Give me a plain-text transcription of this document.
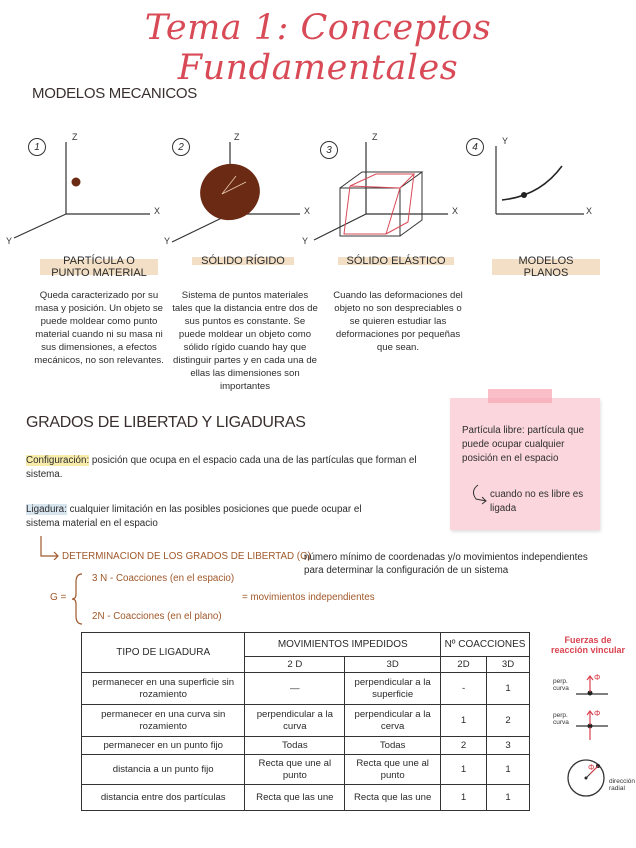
Tema 1: Conceptos Fundamentales
MODELOS MECANICOS
1	2	3	4
Z
X
Y
Z
X
Y
Z
X
Y
Y
X
PARTÍCULA O PUNTO MATERIAL
SÓLIDO RÍGIDO	SÓLIDO ELÁSTICO	MODELOS PLANOS
Queda caracterizado por su masa y posición. Un objeto se puede moldear como punto material cuando ni su masa ni sus dimensiones, a efectos mecánicos, no son relevantes.
Sistema de puntos materiales tales que la distancia entre dos de sus puntos es constante. Se puede moldear un objeto como sólido rígido cuando hay que distinguir partes y en cada una de ellas las dimensiones son importantes
Cuando las deformaciones del objeto no son despreciables o se quieren estudiar las deformaciones por pequeñas que sean.
Partícula libre: partícula que puede ocupar cualquier posición en el espacio
cuando no es libre es ligada
GRADOS DE LIBERTAD Y LIGADURAS
Configuración: posición que ocupa en el espacio cada una de las partículas que forman el sistema.
Ligadura: cualquier limitación en las posibles posiciones que puede ocupar el sistema material en el espacio
DETERMINACION DE LOS GRADOS DE LIBERTAD (G)
número mínimo de coordenadas y/o movimientos independientes para determinar la configuración de un sistema
G =
3 N - Coacciones (en el espacio)
2N - Coacciones (en el plano)
= movimientos independientes
TIPO DE LIGADURA	MOVIMIENTOS IMPEDIDOS		Nº COACCIONES	
	2 D	3D	2D	3D
permanecer en una superficie sin rozamiento	—	perpendicular a la superficie	-	1
permanecer en una curva sin rozamiento	perpendicular a la curva	perpendicular a la cerva	1	2
permanecer en un punto fijo	Todas	Todas	2	3
distancia a un punto fijo	Recta que une al punto	Recta que une al punto	1	1
distancia entre dos partículas	Recta que las une	Recta que las une	1	1
Fuerzas de reacción vincular
perp. curva
Φ
perp. curva
Φ
Φ
dirección radial
